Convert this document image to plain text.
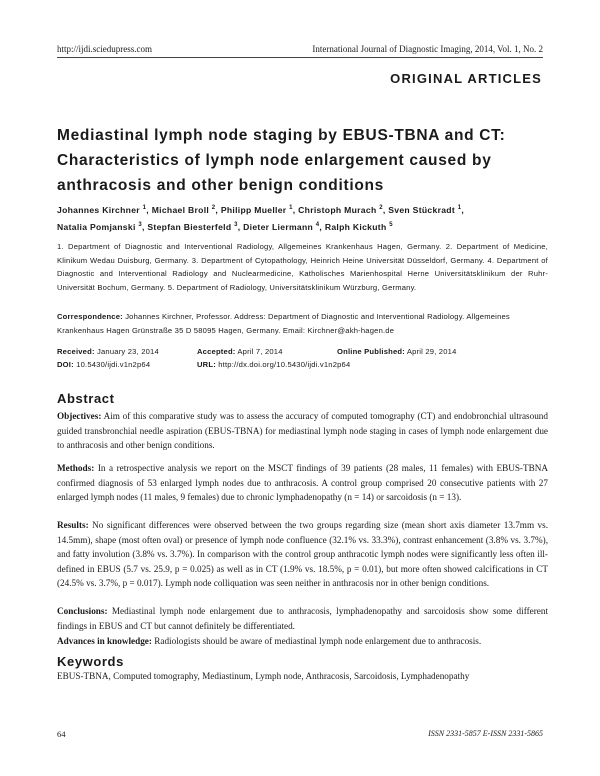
http://ijdi.sciedupress.com	International Journal of Diagnostic Imaging, 2014, Vol. 1, No. 2
ORIGINAL ARTICLES
Mediastinal lymph node staging by EBUS-TBNA and CT: Characteristics of lymph node enlargement caused by anthracosis and other benign conditions
Johannes Kirchner $^1$, Michael Broll $^2$, Philipp Mueller $^1$, Christoph Murach $^2$, Sven Stückradt $^1$, Natalia Pomjanski $^3$, Stepfan Biesterfeld $^3$, Dieter Liermann $^4$, Ralph Kickuth $^5$
1. Department of Diagnostic and Interventional Radiology, Allgemeines Krankenhaus Hagen, Germany. 2. Department of Medicine, Klinikum Wedau Duisburg, Germany. 3. Department of Cytopathology, Heinrich Heine Universität Düsseldorf, Germany. 4. Department of Diagnostic and Interventional Radiology and Nuclearmedicine, Katholisches Marienhospital Herne Universitätsklinikum der Ruhr-Universität Bochum, Germany. 5. Department of Radiology, Universitätsklinikum Würzburg, Germany.
Correspondence: Johannes Kirchner, Professor. Address: Department of Diagnostic and Interventional Radiology. Allgemeines Krankenhaus Hagen Grünstraße 35 D 58095 Hagen, Germany. Email: Kirchner@akh-hagen.de
Received: January 23, 2014	Accepted: April 7, 2014	Online Published: April 29, 2014
DOI: 10.5430/ijdi.v1n2p64	URL: http://dx.doi.org/10.5430/ijdi.v1n2p64
Abstract
Objectives: Aim of this comparative study was to assess the accuracy of computed tomography (CT) and endobronchial ultrasound guided transbronchial needle aspiration (EBUS-TBNA) for mediastinal lymph node staging in cases of lymph node enlargement due to anthracosis and other benign conditions.
Methods: In a retrospective analysis we report on the MSCT findings of 39 patients (28 males, 11 females) with EBUS-TBNA confirmed diagnosis of 53 enlarged lymph nodes due to anthracosis. A control group comprised 20 consecutive patients with 27 enlarged lymph nodes (11 males, 9 females) due to chronic lymphadenopathy (n = 14) or sarcoidosis (n = 13).
Results: No significant differences were observed between the two groups regarding size (mean short axis diameter 13.7mm vs. 14.5mm), shape (most often oval) or presence of lymph node confluence (32.1% vs. 33.3%), contrast enhancement (3.8% vs. 3.7%), and fatty involution (3.8% vs. 3.7%). In comparison with the control group anthracotic lymph nodes were significantly less often ill-defined in EBUS (5.7 vs. 25.9, p = 0.025) as well as in CT (1.9% vs. 18.5%, p = 0.01), but more often showed calcifications in CT (24.5% vs. 3.7%, p = 0.017). Lymph node colliquation was seen neither in anthracosis nor in other benign conditions.
Conclusions: Mediastinal lymph node enlargement due to anthracosis, lymphadenopathy and sarcoidosis show some different findings in EBUS and CT but cannot definitely be differentiated.
Advances in knowledge: Radiologists should be aware of mediastinal lymph node enlargement due to anthracosis.
Keywords
EBUS-TBNA, Computed tomography, Mediastinum, Lymph node, Anthracosis, Sarcoidosis, Lymphadenopathy
64	ISSN 2331-5857 E-ISSN 2331-5865
